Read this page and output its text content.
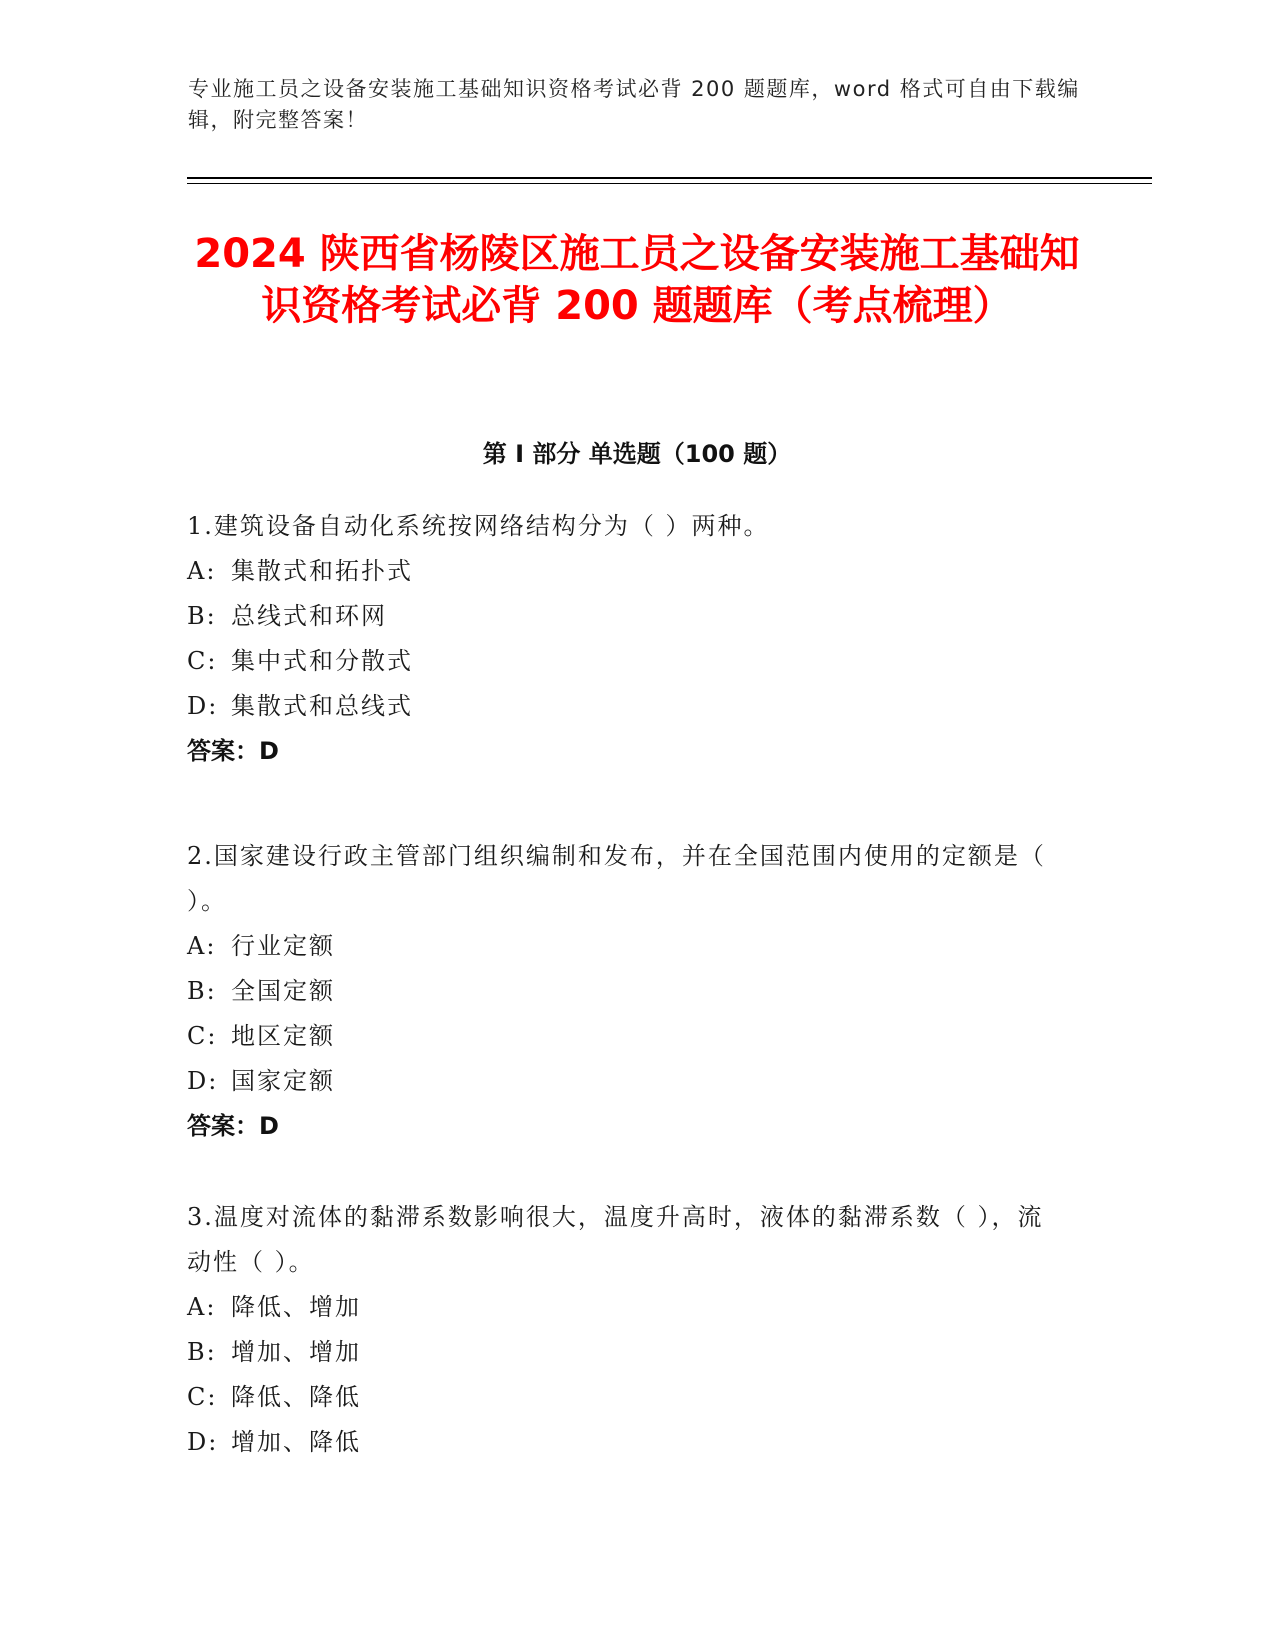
专业施工员之设备安装施工基础知识资格考试必背 200 题题库，word 格式可自由下载编辑，附完整答案！
2024 陕西省杨陵区施工员之设备安装施工基础知识资格考试必背 200 题题库（考点梳理）
第 I 部分 单选题（100 题）

1.建筑设备自动化系统按网络结构分为（ ）两种。

A: 集散式和拓扑式

B: 总线式和环网

C: 集中式和分散式

D: 集散式和总线式

答案：D

2.国家建设行政主管部门组织编制和发布，并在全国范围内使用的定额是（ ）。

A: 行业定额

B: 全国定额

C: 地区定额

D: 国家定额

答案：D

3.温度对流体的黏滞系数影响很大，温度升高时，液体的黏滞系数（ ），流动性（ ）。

A: 降低、增加

B: 增加、增加

C: 降低、降低

D: 增加、降低
